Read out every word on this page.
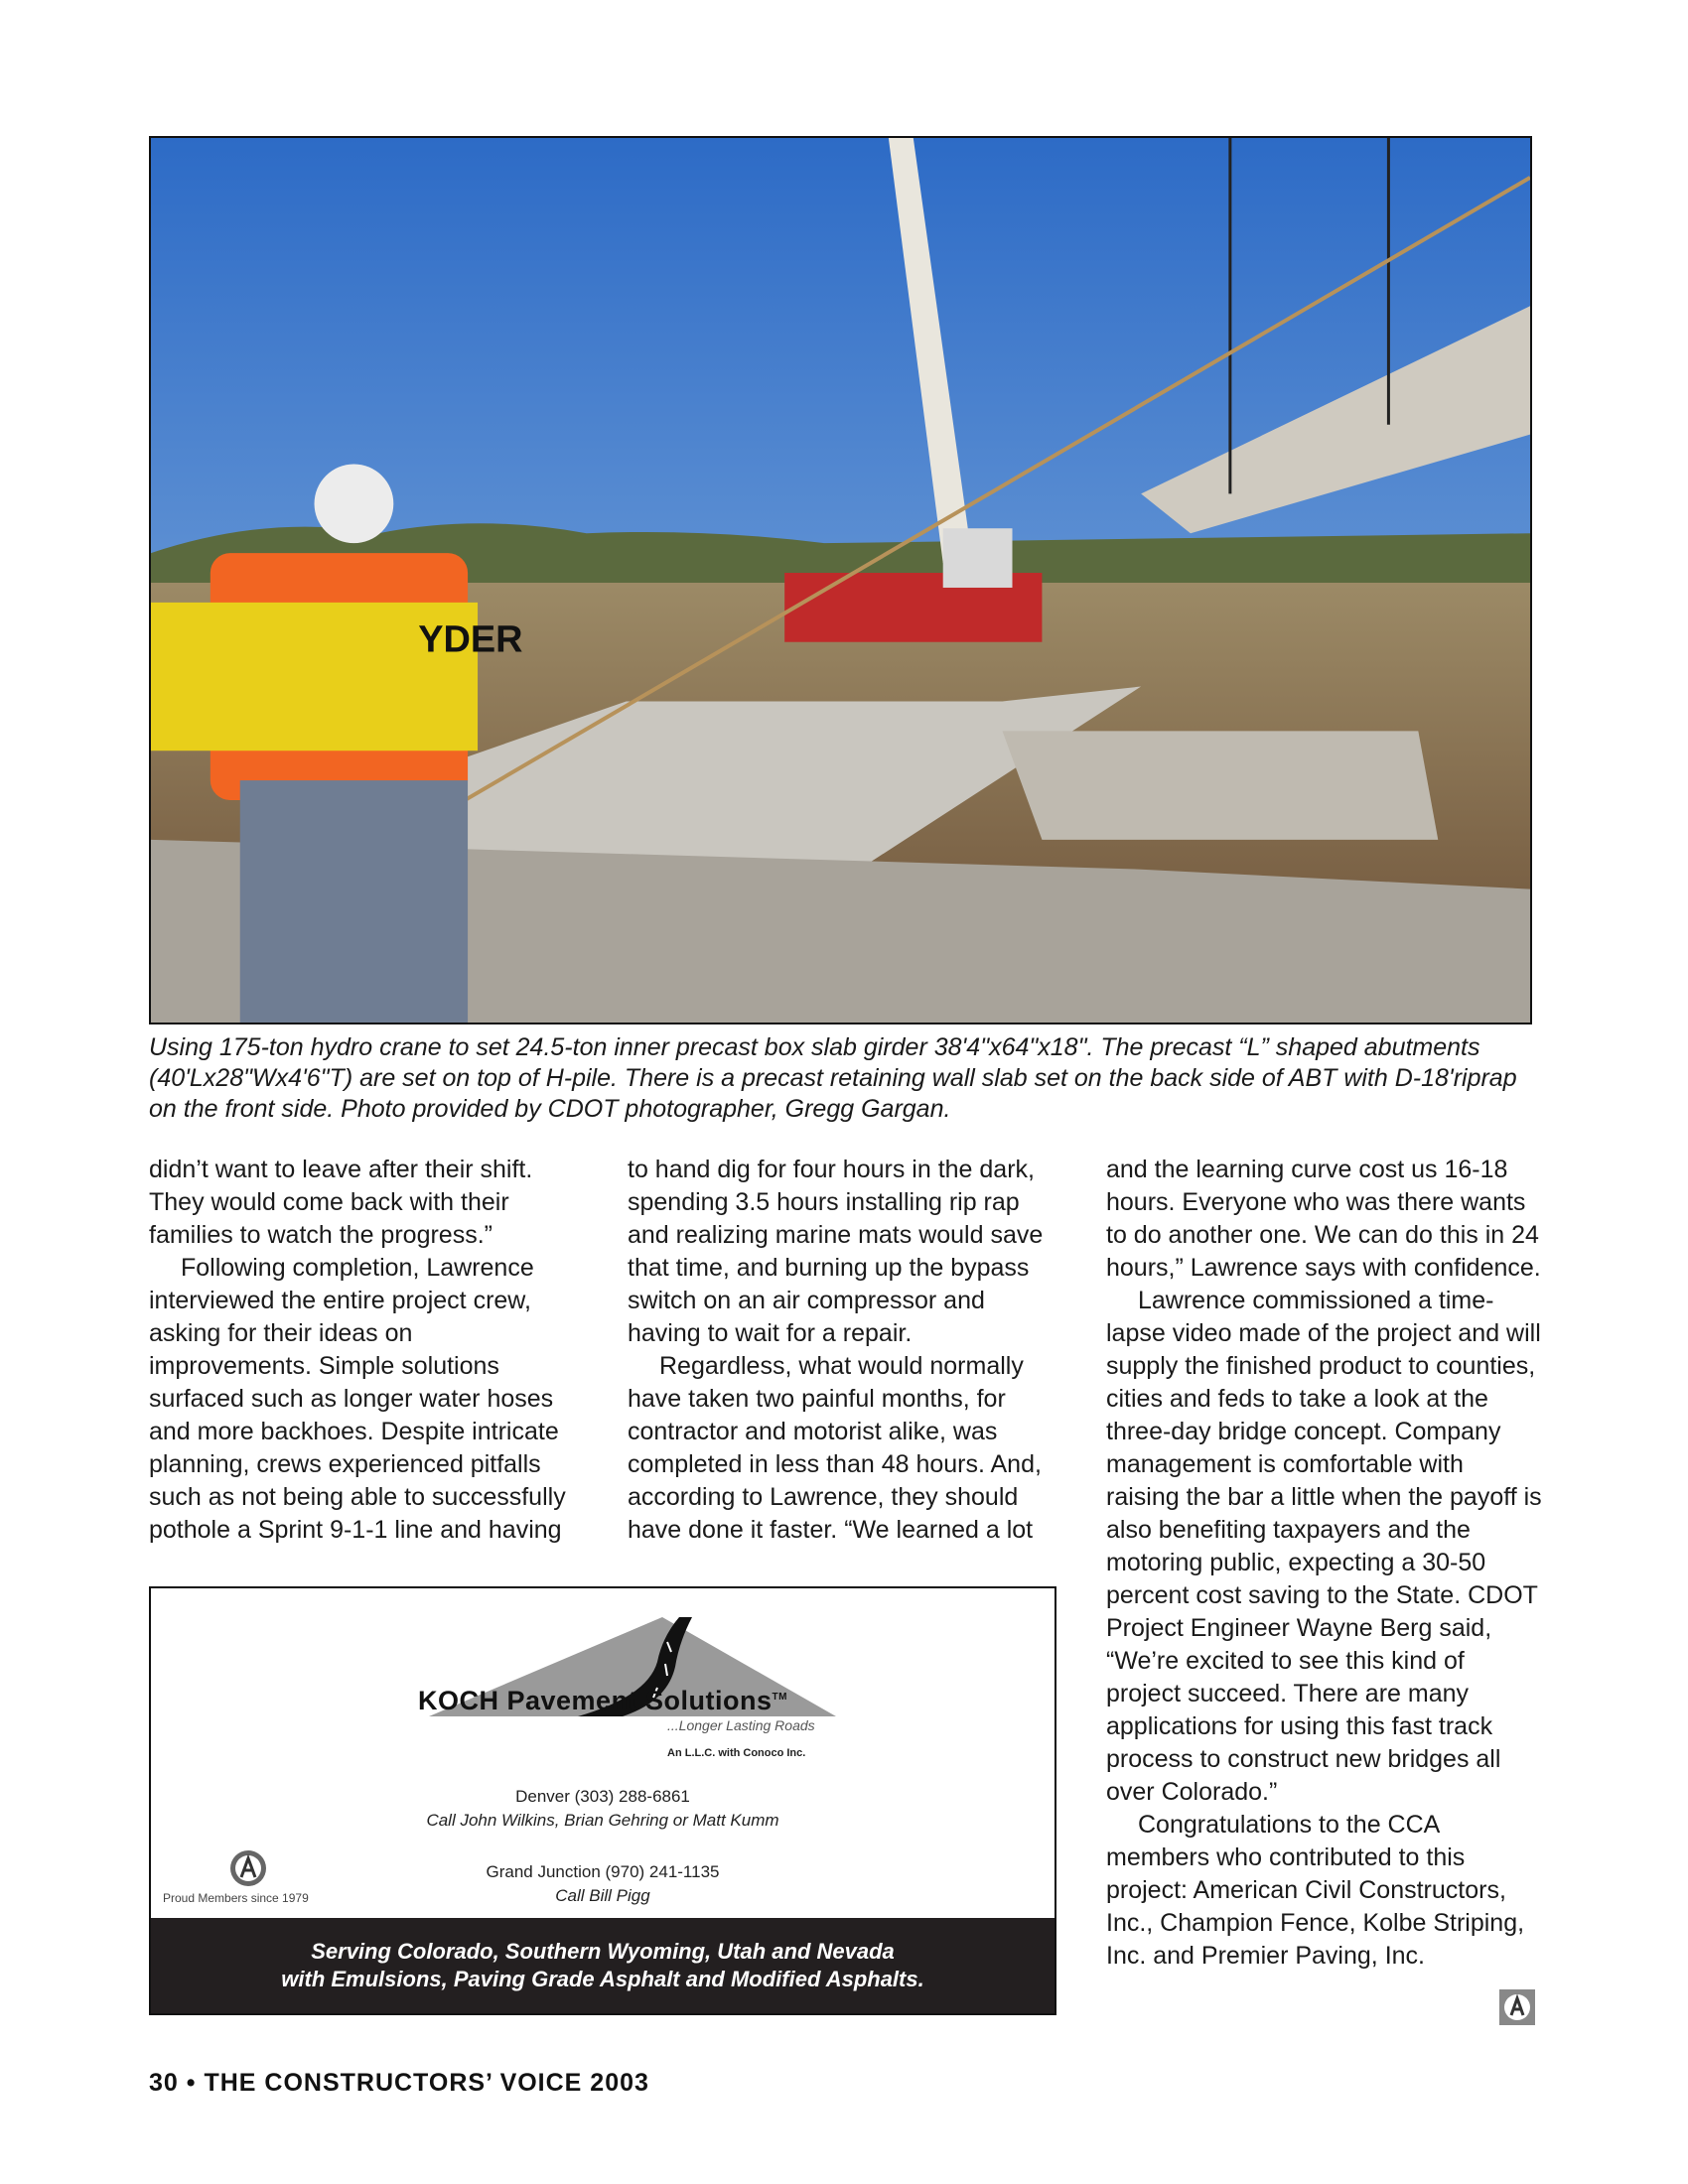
YDER
Using 175-ton hydro crane to set 24.5-ton inner precast box slab girder 38'4"x64"x18". The precast “L” shaped abutments (40'Lx28"Wx4'6"T) are set on top of H-pile. There is a precast retaining wall slab set on the back side of ABT with D-18'riprap on the front side. Photo provided by CDOT photographer, Gregg Gargan.

didn’t want to leave after their shift. They would come back with their families to watch the progress.”

Following completion, Lawrence interviewed the entire project crew, asking for their ideas on improvements. Simple solutions surfaced such as longer water hoses and more backhoes. Despite intricate planning, crews experienced pitfalls such as not being able to successfully pothole a Sprint 9-1-1 line and having

to hand dig for four hours in the dark, spending 3.5 hours installing rip rap and realizing marine mats would save that time, and burning up the bypass switch on an air compressor and having to wait for a repair.

Regardless, what would normally have taken two painful months, for contractor and motorist alike, was completed in less than 48 hours. And, according to Lawrence, they should have done it faster. “We learned a lot

and the learning curve cost us 16-18 hours. Everyone who was there wants to do another one. We can do this in 24 hours,” Lawrence says with confidence.

Lawrence commissioned a time-lapse video made of the project and will supply the finished product to counties, cities and feds to take a look at the three-day bridge concept. Company management is comfortable with raising the bar a little when the payoff is also benefiting taxpayers and the motoring public, expecting a 30-50 percent cost saving to the State. CDOT Project Engineer Wayne Berg said, “We’re excited to see this kind of project succeed. There are many applications for using this fast track process to construct new bridges all over Colorado.”

Congratulations to the CCA members who contributed to this project: American Civil Constructors, Inc., Champion Fence, Kolbe Striping, Inc. and Premier Paving, Inc.

KOCH Pavement Solutions™
...Longer Lasting Roads
An L.L.C. with Conoco Inc.
Denver (303) 288-6861
Call John Wilkins, Brian Gehring or Matt Kumm
Grand Junction (970) 241-1135
Call Bill Pigg
Proud Members since 1979
Serving Colorado, Southern Wyoming, Utah and Nevada
with Emulsions, Paving Grade Asphalt and Modified Asphalts.
30 • THE CONSTRUCTORS’ VOICE 2003
